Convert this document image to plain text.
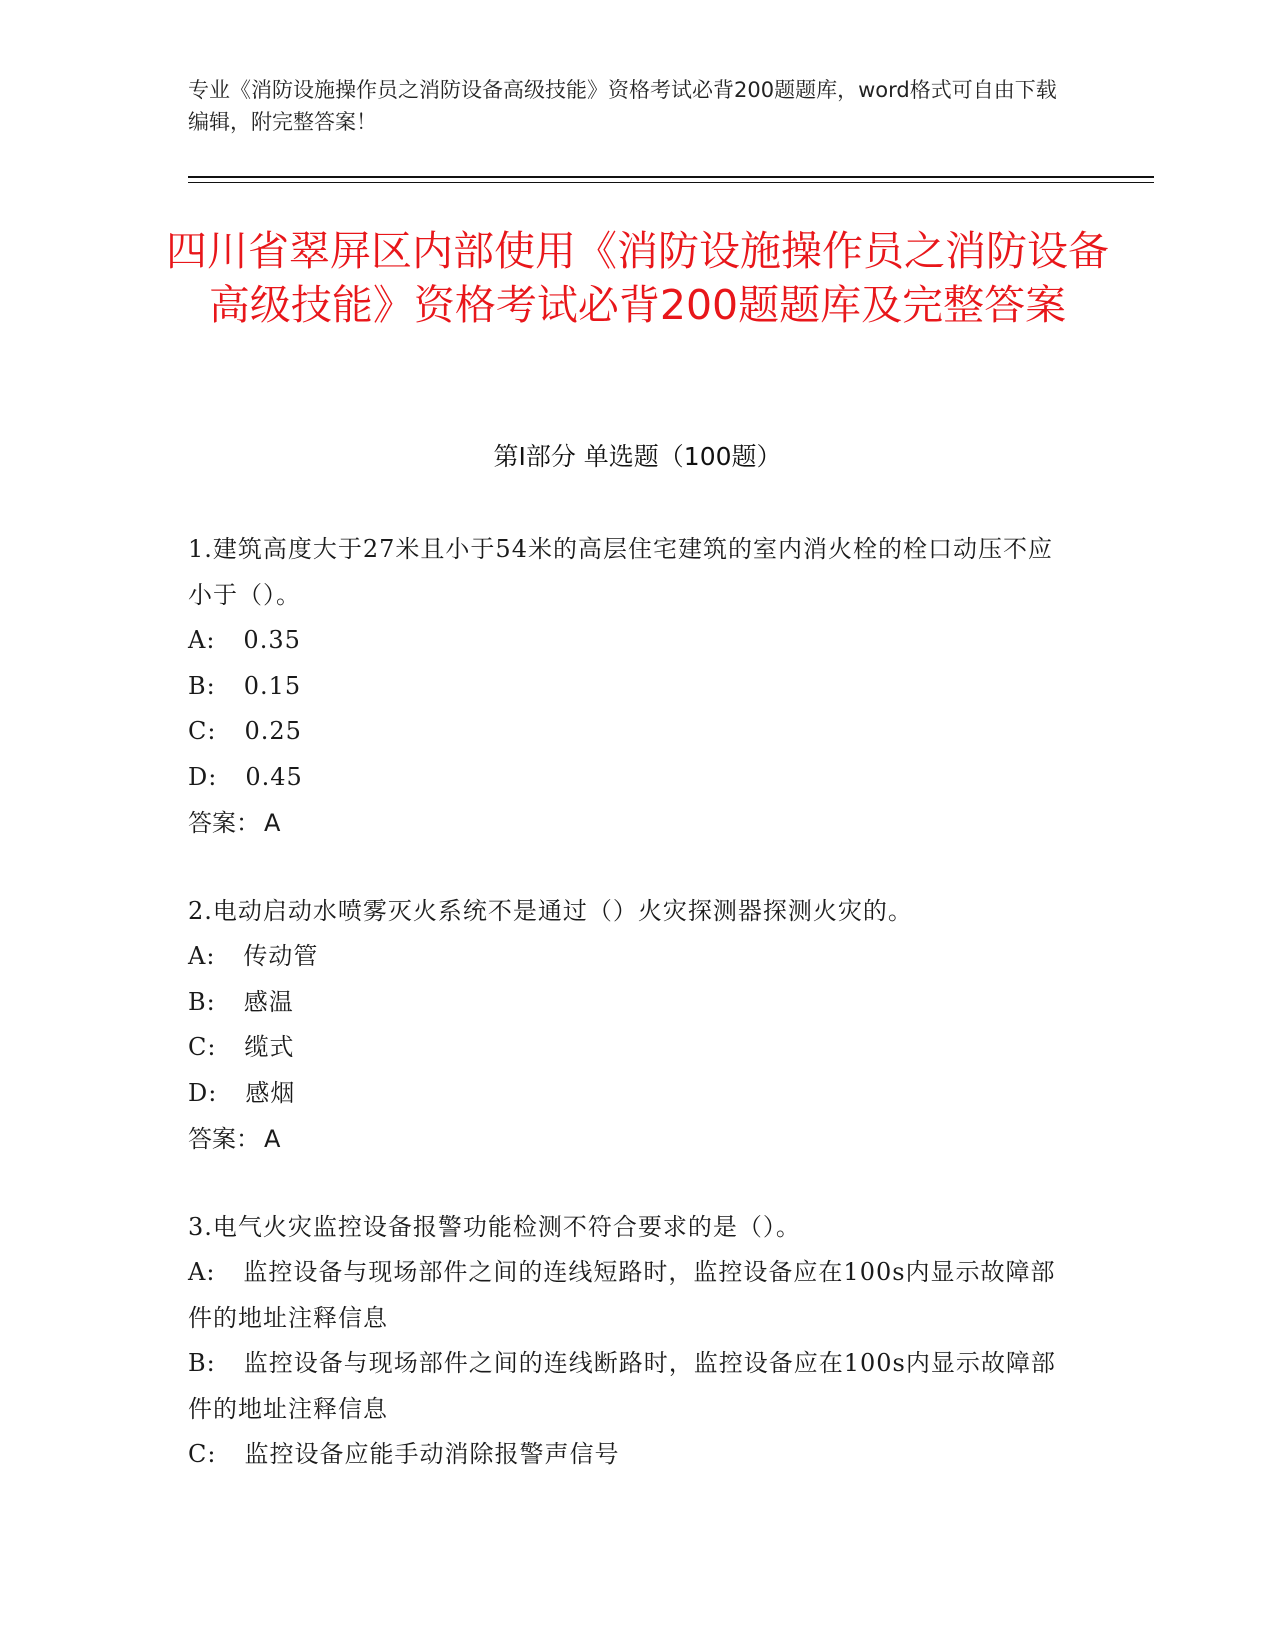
专业《消防设施操作员之消防设备高级技能》资格考试必背200题题库，word格式可自由下载编辑，附完整答案！
四川省翠屏区内部使用《消防设施操作员之消防设备高级技能》资格考试必背200题题库及完整答案
第I部分 单选题（100题）
1.建筑高度大于27米且小于54米的高层住宅建筑的室内消火栓的栓口动压不应小于（）。
A: 0.35
B: 0.15
C: 0.25
D: 0.45
答案： A
2.电动启动水喷雾灭火系统不是通过（）火灾探测器探测火灾的。
A: 传动管
B: 感温
C: 缆式
D: 感烟
答案： A
3.电气火灾监控设备报警功能检测不符合要求的是（）。
A: 监控设备与现场部件之间的连线短路时，监控设备应在100s内显示故障部件的地址注释信息
B: 监控设备与现场部件之间的连线断路时，监控设备应在100s内显示故障部件的地址注释信息
C: 监控设备应能手动消除报警声信号
